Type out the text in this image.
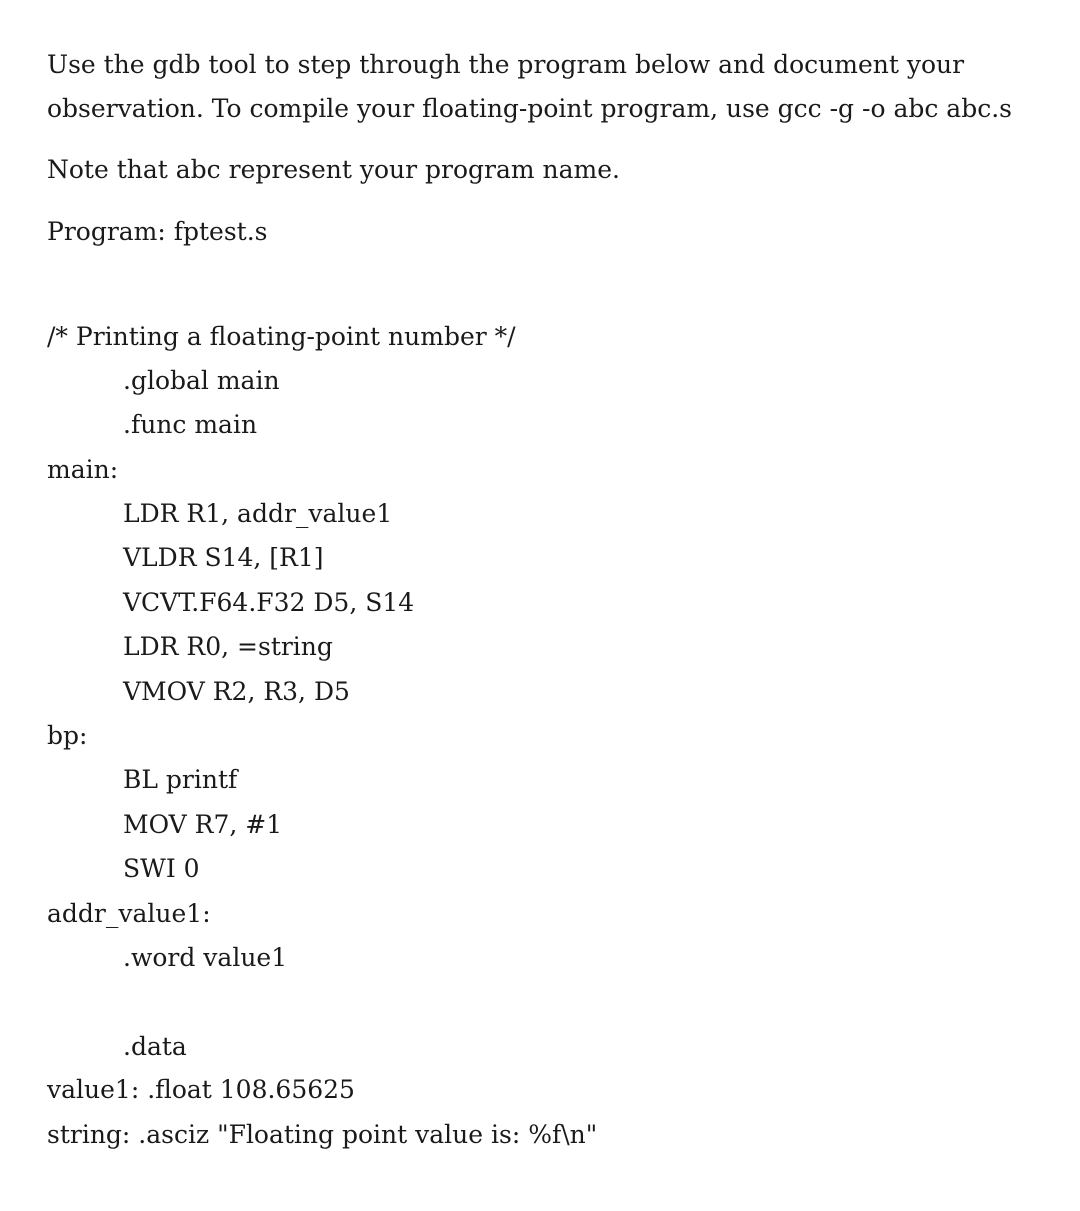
Use the gdb tool to step through the program below and document your
observation. To compile your floating-point program, use gcc -g -o abc abc.s
Note that abc represent your program name.
Program: fptest.s
/* Printing a floating-point number */
.global main
.func main
main:
LDR R1, addr_value1
VLDR S14, [R1]
VCVT.F64.F32 D5, S14
LDR R0, =string
VMOV R2, R3, D5
bp:
BL printf
MOV R7, #1
SWI 0
addr_value1:
.word value1
.data
value1: .float 108.65625
string: .asciz "Floating point value is: %f\n"
